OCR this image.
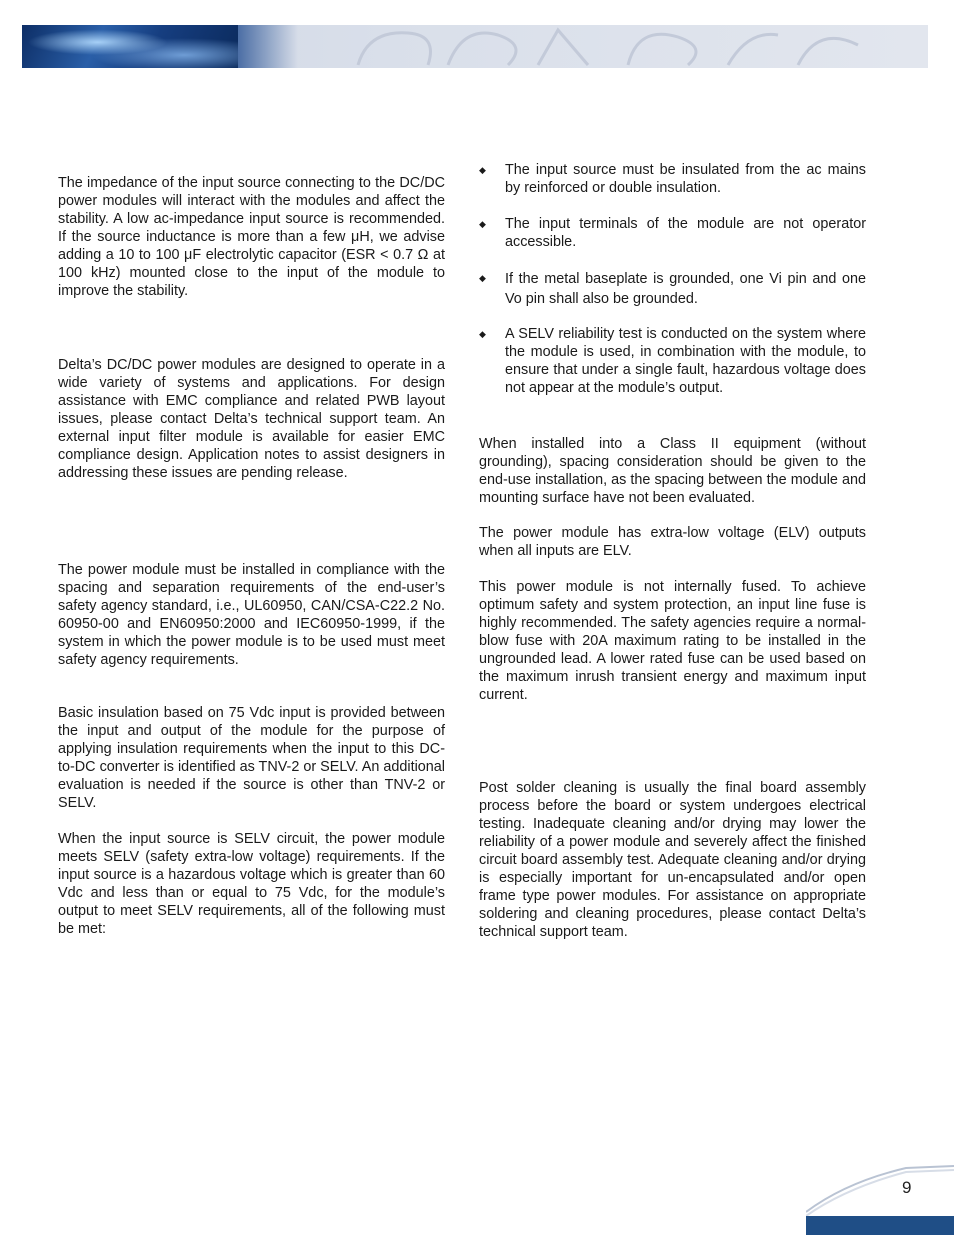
The impedance of the input source connecting to the DC/DC power modules will interact with the modules and affect the stability. A low ac-impedance input source is recommended. If the source inductance is more than a few μH, we advise adding a 10 to 100 μF electrolytic capacitor (ESR < 0.7 Ω at 100 kHz) mounted close to the input of the module to improve the stability.

Delta’s DC/DC power modules are designed to operate in a wide variety of systems and applications. For design assistance with EMC compliance and related PWB layout issues, please contact Delta’s technical support team. An external input filter module is available for easier EMC compliance design. Application notes to assist designers in addressing these issues are pending release.

The power module must be installed in compliance with the spacing and separation requirements of the end-user’s safety agency standard, i.e., UL60950, CAN/CSA-C22.2 No. 60950-00 and EN60950:2000 and IEC60950-1999, if the system in which the power module is to be used must meet safety agency requirements.

Basic insulation based on 75 Vdc input is provided between the input and output of the module for the purpose of applying insulation requirements when the input to this DC-to-DC converter is identified as TNV-2 or SELV. An additional evaluation is needed if the source is other than TNV-2 or SELV.

When the input source is SELV circuit, the power module meets SELV (safety extra-low voltage) requirements. If the input source is a hazardous voltage which is greater than 60 Vdc and less than or equal to 75 Vdc, for the module’s output to meet SELV requirements, all of the following must be met:

◆	The input source must be insulated from the ac mains by reinforced or double insulation.
◆	The input terminals of the module are not operator accessible.
◆	If the metal baseplate is grounded, one Vi pin and one Vo pin shall also be grounded.
◆	A SELV reliability test is conducted on the system where the module is used, in combination with the module, to ensure that under a single fault, hazardous voltage does not appear at the module’s output.

When installed into a Class II equipment (without grounding), spacing consideration should be given to the end-use installation, as the spacing between the module and mounting surface have not been evaluated.

The power module has extra-low voltage (ELV) outputs when all inputs are ELV.

This power module is not internally fused. To achieve optimum safety and system protection, an input line fuse is highly recommended. The safety agencies require a normal-blow fuse with 20A maximum rating to be installed in the ungrounded lead. A lower rated fuse can be used based on the maximum inrush transient energy and maximum input current.

Post solder cleaning is usually the final board assembly process before the board or system undergoes electrical testing. Inadequate cleaning and/or drying may lower the reliability of a power module and severely affect the finished circuit board assembly test. Adequate cleaning and/or drying is especially important for un-encapsulated and/or open frame type power modules. For assistance on appropriate soldering and cleaning procedures, please contact Delta’s technical support team.

9
